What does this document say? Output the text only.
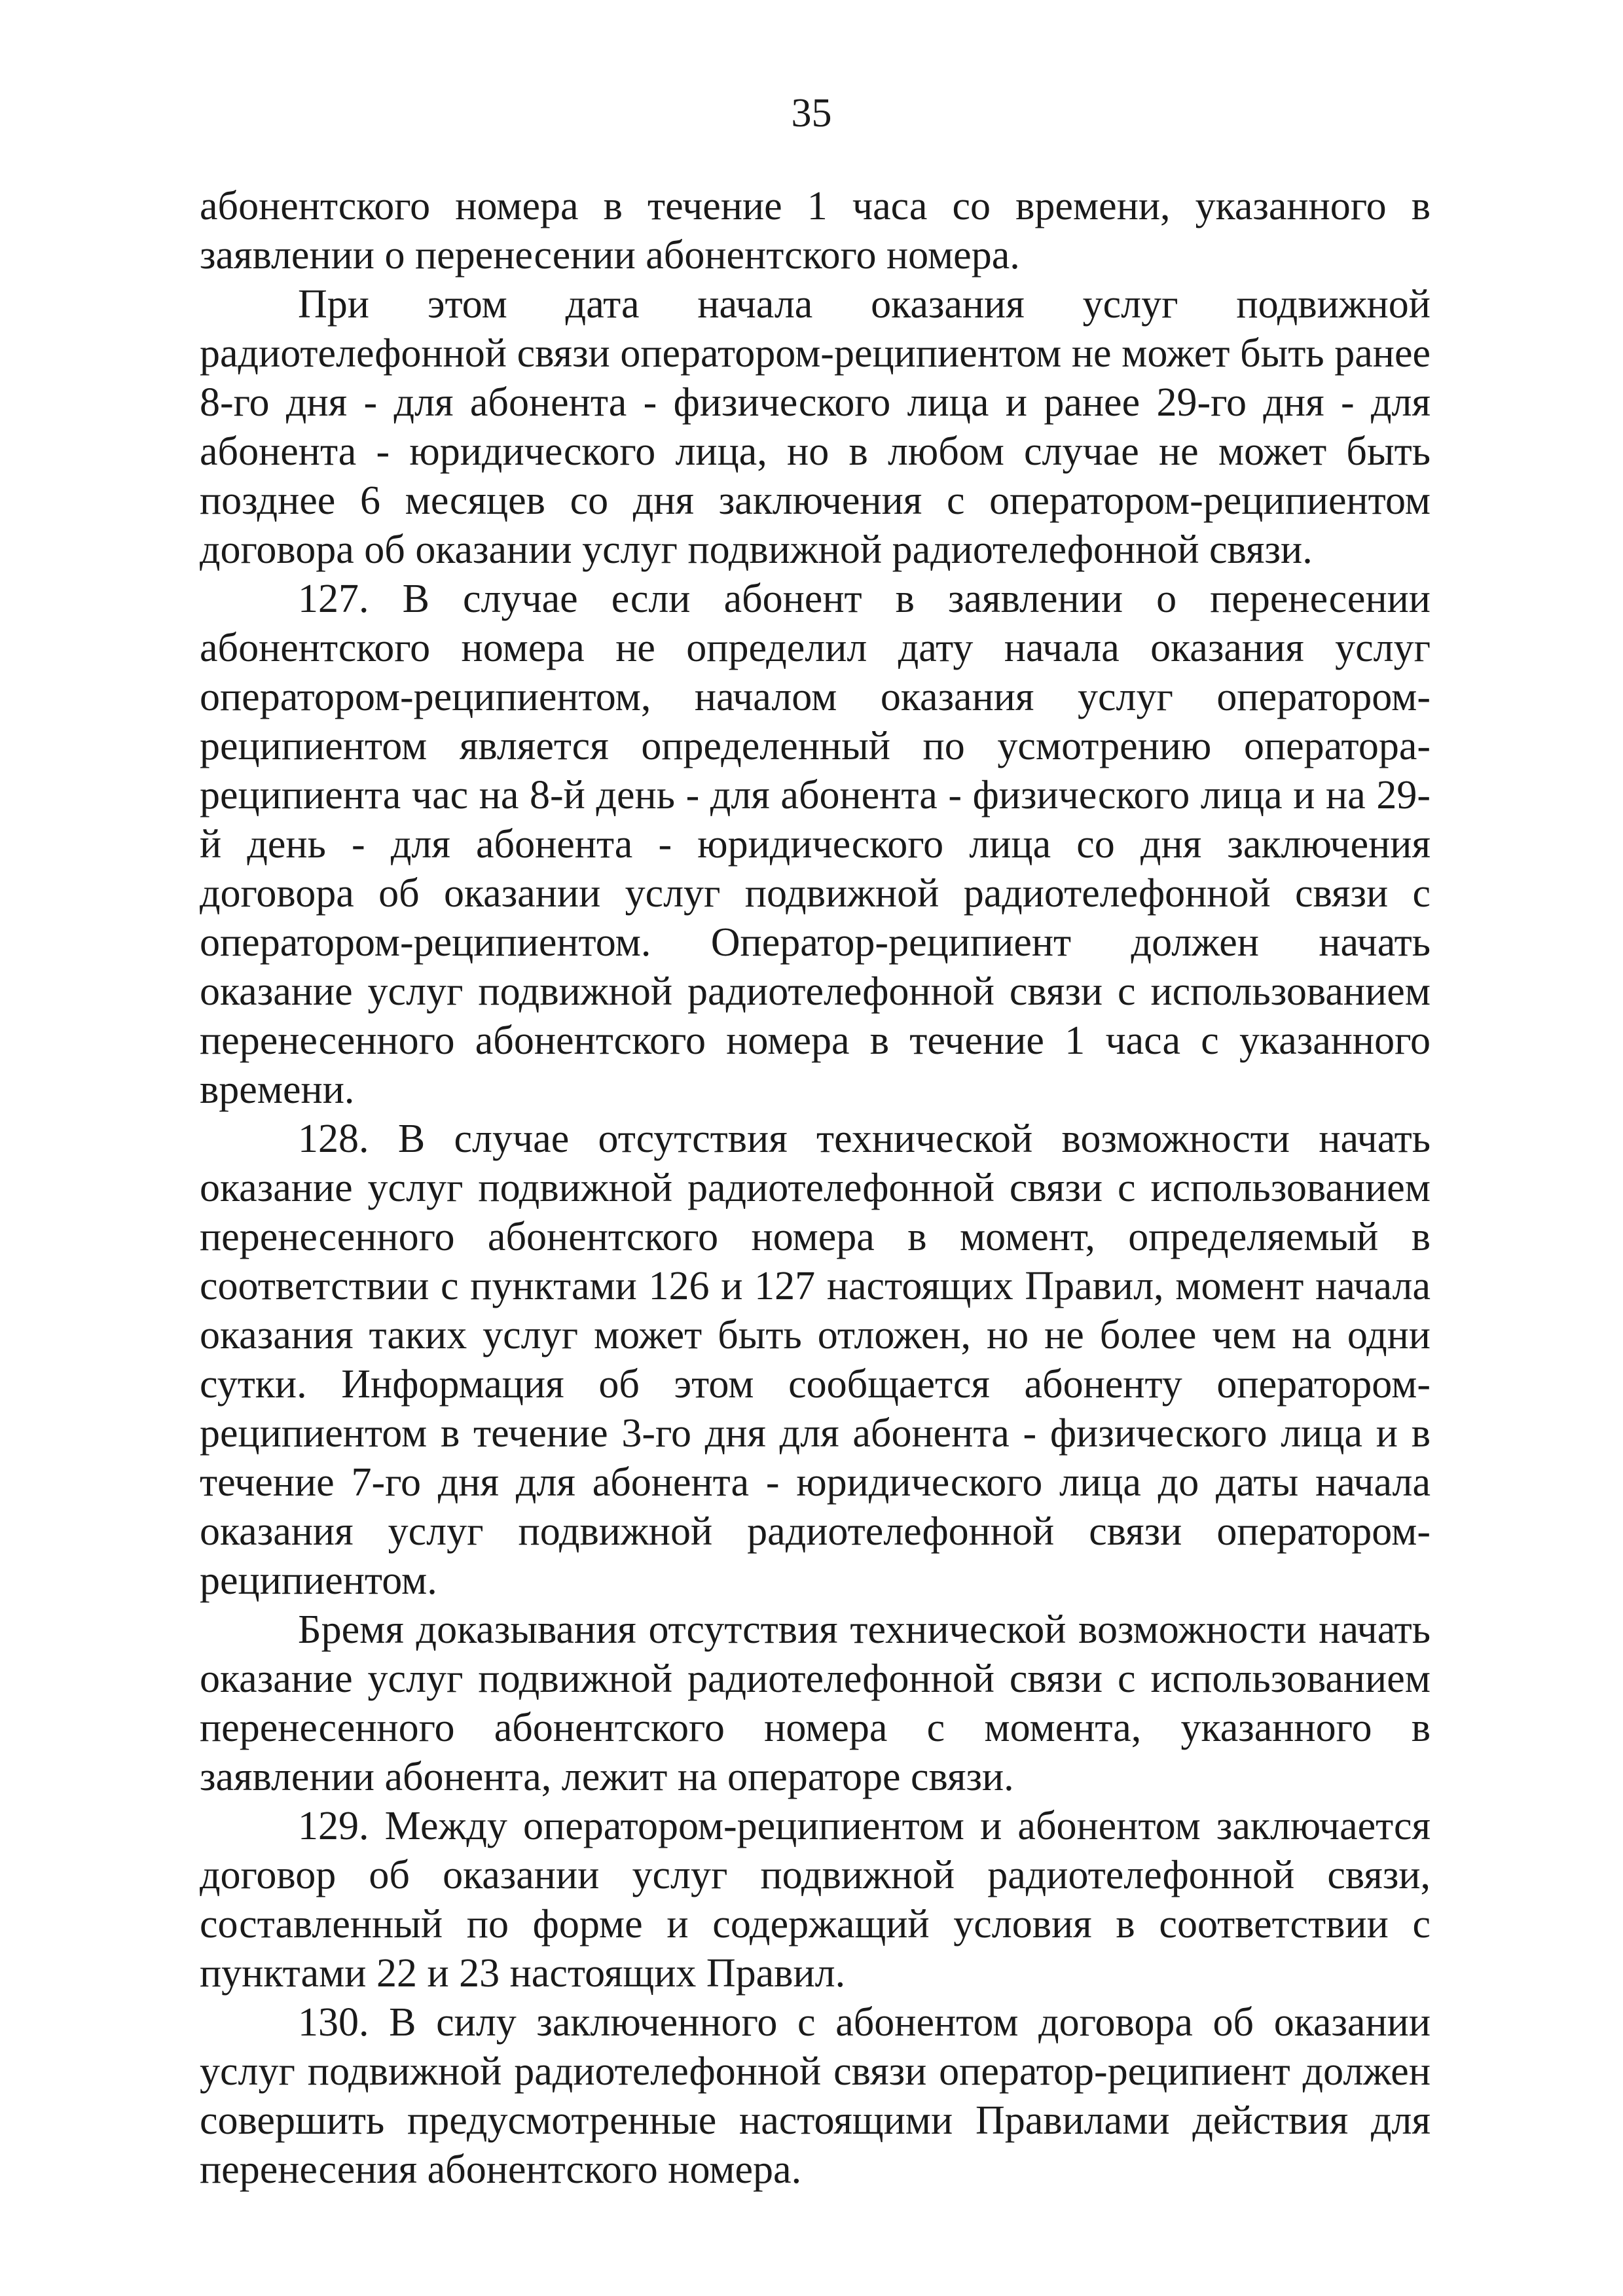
35

абонентского номера в течение 1 часа со времени, указанного в заявлении о перенесении абонентского номера.

При этом дата начала оказания услуг подвижной радиотелефонной связи оператором-реципиентом не может быть ранее 8-го дня - для абонента - физического лица и ранее 29-го дня - для абонента - юридического лица, но в любом случае не может быть позднее 6 месяцев со дня заключения с оператором-реципиентом договора об оказании услуг подвижной радиотелефонной связи.

127. В случае если абонент в заявлении о перенесении абонентского номера не определил дату начала оказания услуг оператором-реципиентом, началом оказания услуг оператором-реципиентом является определенный по усмотрению оператора-реципиента час на 8-й день - для абонента - физического лица и на 29-й день - для абонента - юридического лица со дня заключения договора об оказании услуг подвижной радиотелефонной связи с оператором-реципиентом. Оператор-реципиент должен начать оказание услуг подвижной радиотелефонной связи с использованием перенесенного абонентского номера в течение 1 часа с указанного времени.

128. В случае отсутствия технической возможности начать оказание услуг подвижной радиотелефонной связи с использованием перенесенного абонентского номера в момент, определяемый в соответствии с пунктами 126 и 127 настоящих Правил, момент начала оказания таких услуг может быть отложен, но не более чем на одни сутки. Информация об этом сообщается абоненту оператором-реципиентом в течение 3-го дня для абонента - физического лица и в течение 7-го дня для абонента - юридического лица до даты начала оказания услуг подвижной радиотелефонной связи оператором-реципиентом.

Бремя доказывания отсутствия технической возможности начать оказание услуг подвижной радиотелефонной связи с использованием перенесенного абонентского номера с момента, указанного в заявлении абонента, лежит на операторе связи.

129. Между оператором-реципиентом и абонентом заключается договор об оказании услуг подвижной радиотелефонной связи, составленный по форме и содержащий условия в соответствии с пунктами 22 и 23 настоящих Правил.

130. В силу заключенного с абонентом договора об оказании услуг подвижной радиотелефонной связи оператор-реципиент должен совершить предусмотренные настоящими Правилами действия для перенесения абонентского номера.
